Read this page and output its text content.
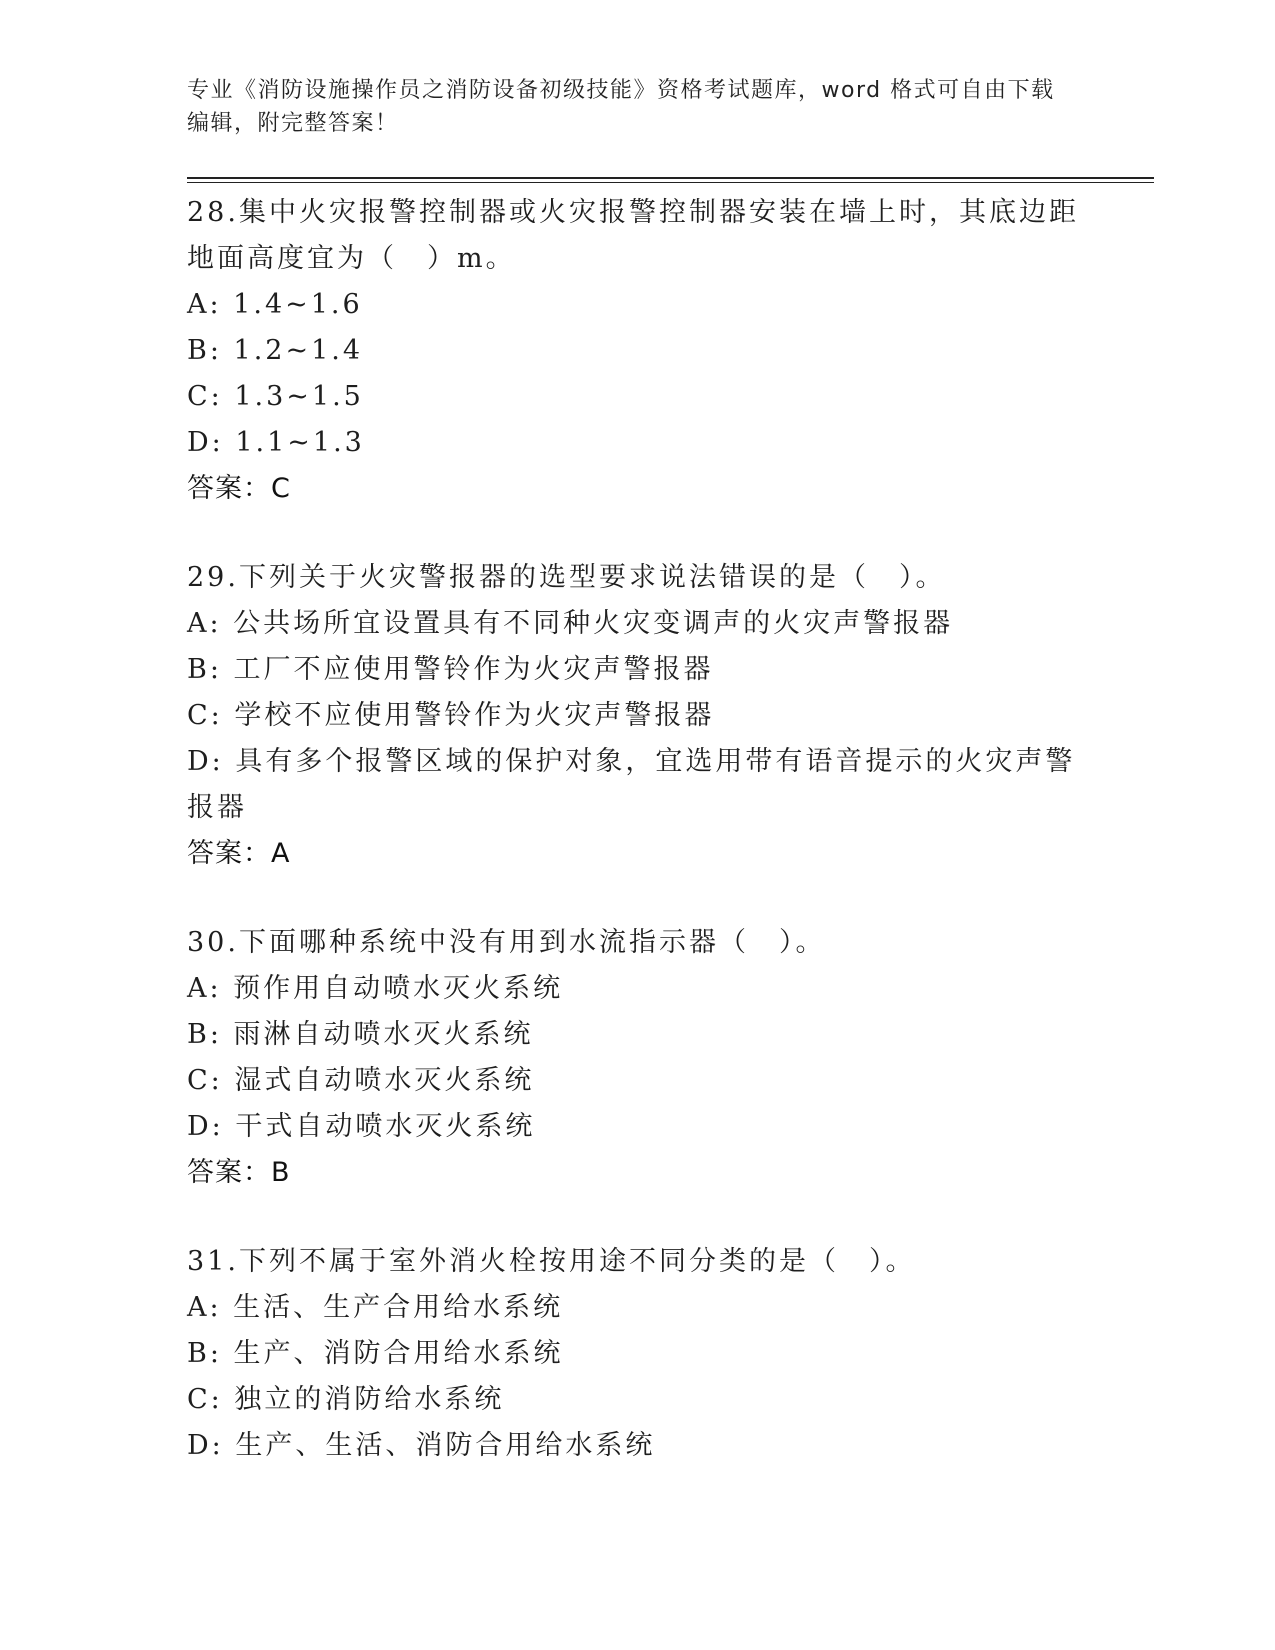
专业《消防设施操作员之消防设备初级技能》资格考试题库，word 格式可自由下载编辑，附完整答案！

28.集中火灾报警控制器或火灾报警控制器安装在墙上时，其底边距地面高度宜为（　）m。

A: 1.4~1.6

B: 1.2~1.4

C: 1.3~1.5

D: 1.1~1.3

答案：C

29.下列关于火灾警报器的选型要求说法错误的是（　）。

A: 公共场所宜设置具有不同种火灾变调声的火灾声警报器

B: 工厂不应使用警铃作为火灾声警报器

C: 学校不应使用警铃作为火灾声警报器

D: 具有多个报警区域的保护对象，宜选用带有语音提示的火灾声警报器

答案：A

30.下面哪种系统中没有用到水流指示器（　）。

A: 预作用自动喷水灭火系统

B: 雨淋自动喷水灭火系统

C: 湿式自动喷水灭火系统

D: 干式自动喷水灭火系统

答案：B

31.下列不属于室外消火栓按用途不同分类的是（　）。

A: 生活、生产合用给水系统

B: 生产、消防合用给水系统

C: 独立的消防给水系统

D: 生产、生活、消防合用给水系统
